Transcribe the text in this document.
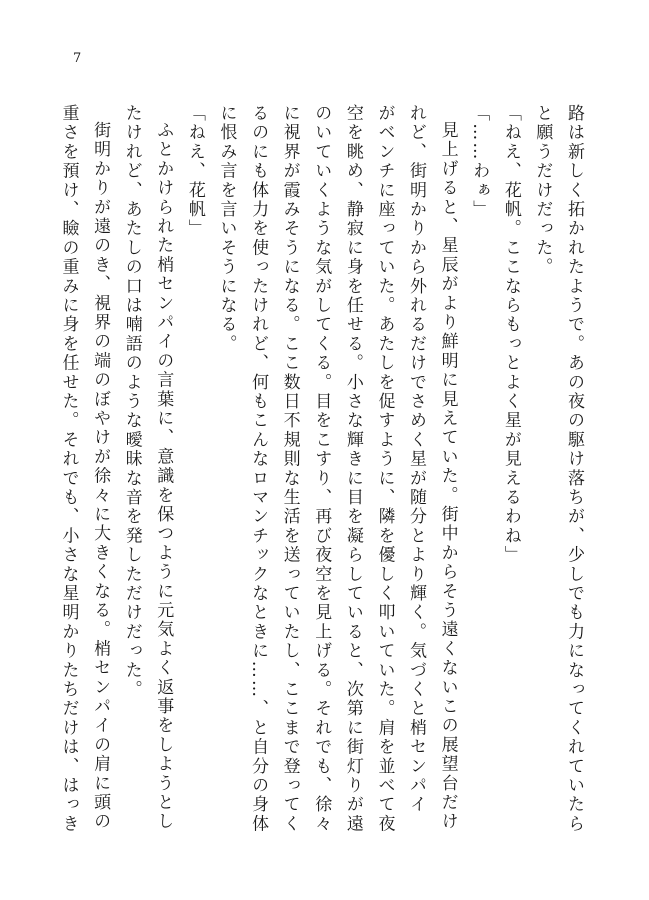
7

路は新しく拓かれたようで。あの夜の駆け落ちが、少しでも力になってくれていたら

と願うだけだった。

「ねえ、花帆。ここならもっとよく星が見えるわね」

「……わぁ」

見上げると、星辰がより鮮明に見えていた。街中からそう遠くないこの展望台だけ

れど、街明かりから外れるだけでさめく星が随分とより輝く。気づくと梢センパイ

がベンチに座っていた。あたしを促すように、隣を優しく叩いていた。肩を並べて夜

空を眺め、静寂に身を任せる。小さな輝きに目を凝らしていると、次第に街灯りが遠

のいていくような気がしてくる。目をこすり、再び夜空を見上げる。それでも、徐々

に視界が霞みそうになる。ここ数日不規則な生活を送っていたし、ここまで登ってく

るのにも体力を使ったけれど、何もこんなロマンチックなときに……、と自分の身体

に恨み言を言いそうになる。

「ねえ、花帆」

ふとかけられた梢センパイの言葉に、意識を保つように元気よく返事をしようとし

たけれど、あたしの口は喃語のような曖昧な音を発しただけだった。

街明かりが遠のき、視界の端のぼやけが徐々に大きくなる。梢センパイの肩に頭の

重さを預け、瞼の重みに身を任せた。それでも、小さな星明かりたちだけは、はっき
